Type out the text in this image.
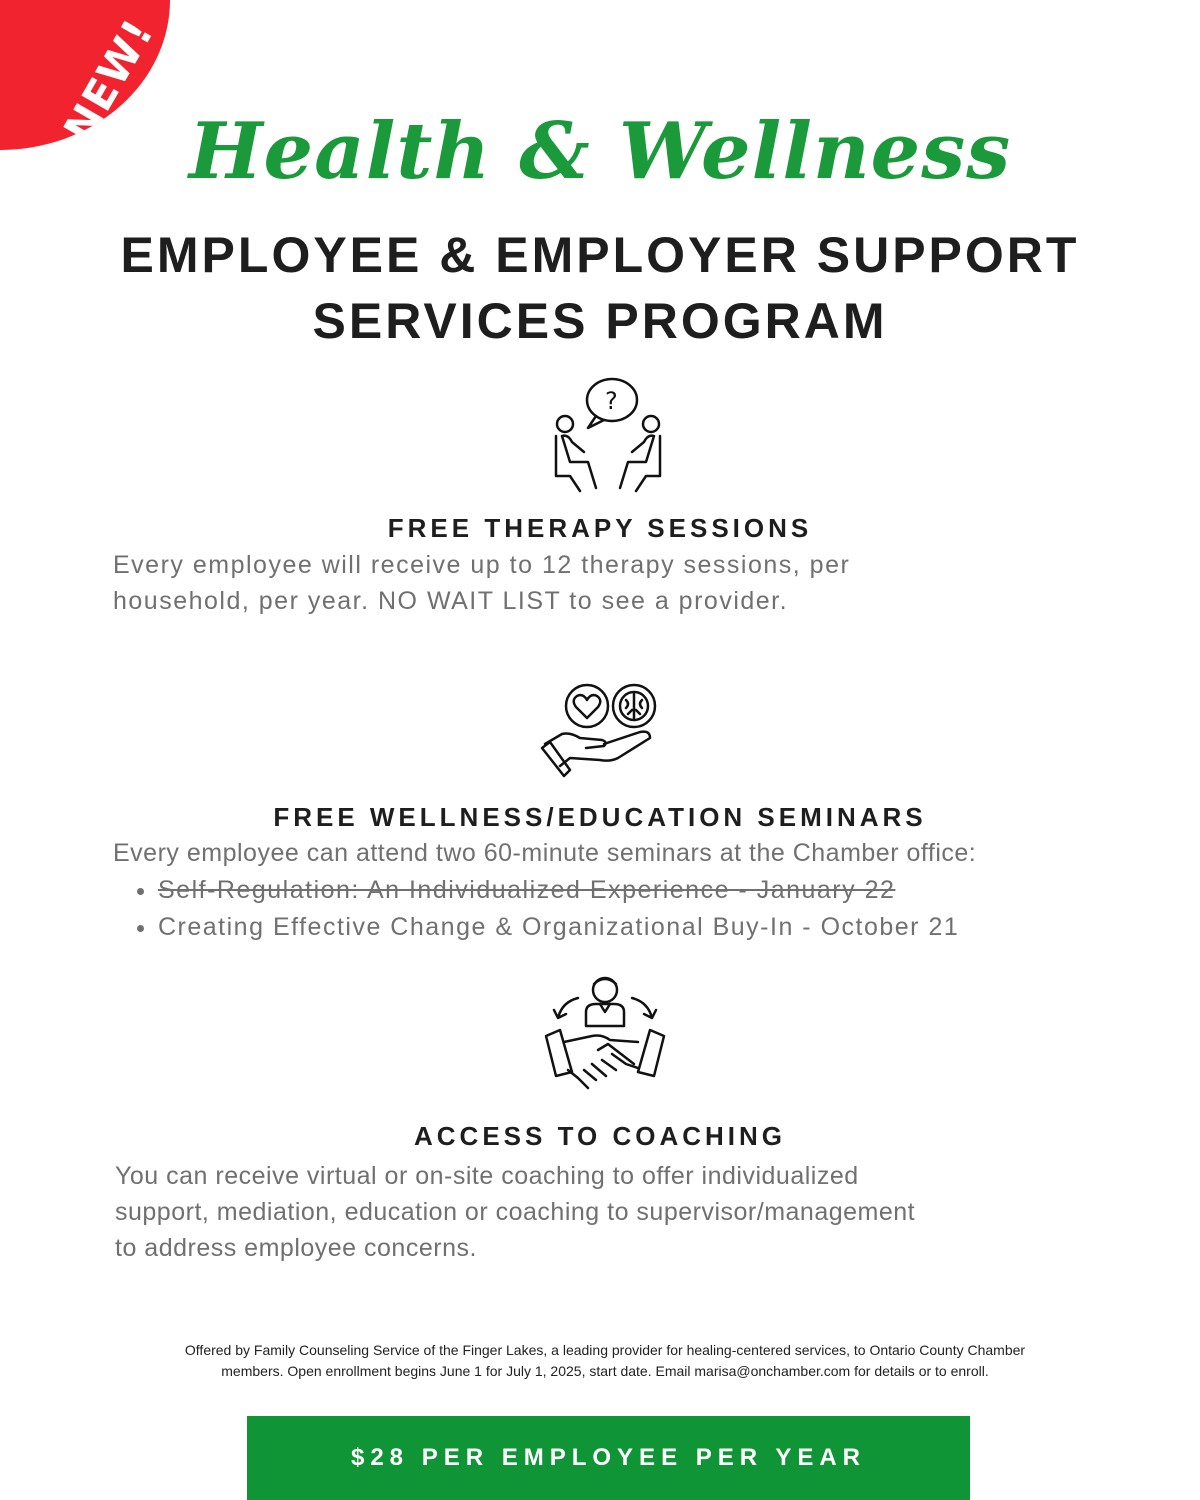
NEW!
Health & Wellness
EMPLOYEE & EMPLOYER SUPPORT
SERVICES PROGRAM
?
FREE THERAPY SESSIONS
Every employee will receive up to 12 therapy sessions, per
household, per year. NO WAIT LIST to see a provider.
FREE WELLNESS/EDUCATION SEMINARS
Every employee can attend two 60-minute seminars at the Chamber office:
• Self-Regulation: An Individualized Experience - January 22
• Creating Effective Change & Organizational Buy-In - October 21
ACCESS TO COACHING
You can receive virtual or on-site coaching to offer individualized
support, mediation, education or coaching to supervisor/management
to address employee concerns.
Offered by Family Counseling Service of the Finger Lakes, a leading provider for healing-centered services, to Ontario County Chamber
members. Open enrollment begins June 1 for July 1, 2025, start date. Email marisa@onchamber.com for details or to enroll.
$28 PER EMPLOYEE PER YEAR
